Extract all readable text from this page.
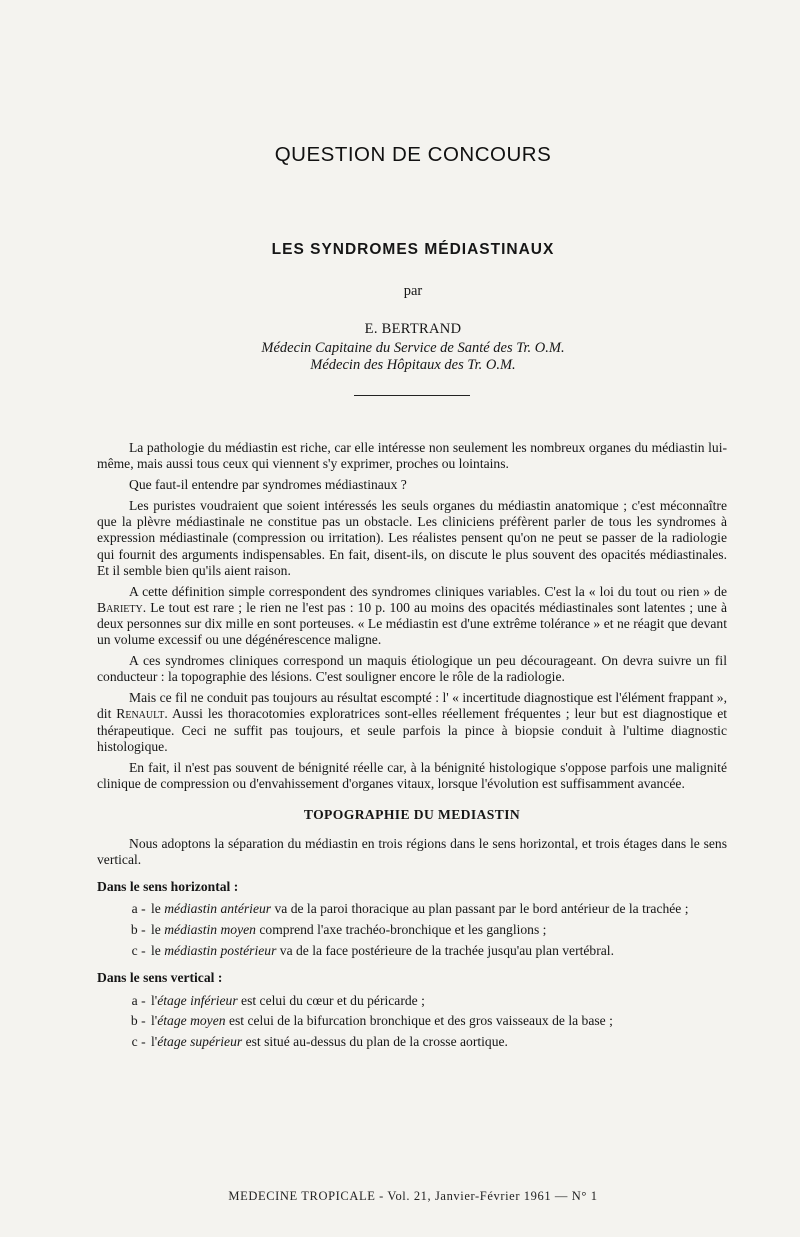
QUESTION DE CONCOURS
LES SYNDROMES MÉDIASTINAUX
par
E. BERTRAND
Médecin Capitaine du Service de Santé des Tr. O.M.
Médecin des Hôpitaux des Tr. O.M.

La pathologie du médiastin est riche, car elle intéresse non seulement les nombreux organes du médiastin lui-même, mais aussi tous ceux qui viennent s'y exprimer, proches ou lointains.

Que faut-il entendre par syndromes médiastinaux ?

Les puristes voudraient que soient intéressés les seuls organes du médiastin anatomique ; c'est méconnaître que la plèvre médiastinale ne constitue pas un obstacle. Les cliniciens préfèrent parler de tous les syndromes à expression médiastinale (compression ou irritation). Les réalistes pensent qu'on ne peut se passer de la radiologie qui fournit des arguments indispensables. En fait, disent-ils, on discute le plus souvent des opacités médiastinales. Et il semble bien qu'ils aient raison.

A cette définition simple correspondent des syndromes cliniques variables. C'est la « loi du tout ou rien » de Bariety. Le tout est rare ; le rien ne l'est pas : 10 p. 100 au moins des opacités médiastinales sont latentes ; une à deux personnes sur dix mille en sont porteuses. « Le médiastin est d'une extrême tolérance » et ne réagit que devant un volume excessif ou une dégénérescence maligne.

A ces syndromes cliniques correspond un maquis étiologique un peu décourageant. On devra suivre un fil conducteur : la topographie des lésions. C'est souligner encore le rôle de la radiologie.

Mais ce fil ne conduit pas toujours au résultat escompté : l' « incertitude diagnostique est l'élément frappant », dit Renault. Aussi les thoracotomies exploratrices sont-elles réellement fréquentes ; leur but est diagnostique et thérapeutique. Ceci ne suffit pas toujours, et seule parfois la pince à biopsie conduit à l'ultime diagnostic histologique.

En fait, il n'est pas souvent de bénignité réelle car, à la bénignité histologique s'oppose parfois une malignité clinique de compression ou d'envahissement d'organes vitaux, lorsque l'évolution est suffisamment avancée.

TOPOGRAPHIE DU MEDIASTIN

Nous adoptons la séparation du médiastin en trois régions dans le sens horizontal, et trois étages dans le sens vertical.

Dans le sens horizontal :
a - le médiastin antérieur va de la paroi thoracique au plan passant par le bord antérieur de la trachée ;
b - le médiastin moyen comprend l'axe trachéo-bronchique et les ganglions ;
c - le médiastin postérieur va de la face postérieure de la trachée jusqu'au plan vertébral.
Dans le sens vertical :
a - l'étage inférieur est celui du cœur et du péricarde ;
b - l'étage moyen est celui de la bifurcation bronchique et des gros vaisseaux de la base ;
c - l'étage supérieur est situé au-dessus du plan de la crosse aortique.
MEDECINE TROPICALE - Vol. 21, Janvier-Février 1961 — N° 1
